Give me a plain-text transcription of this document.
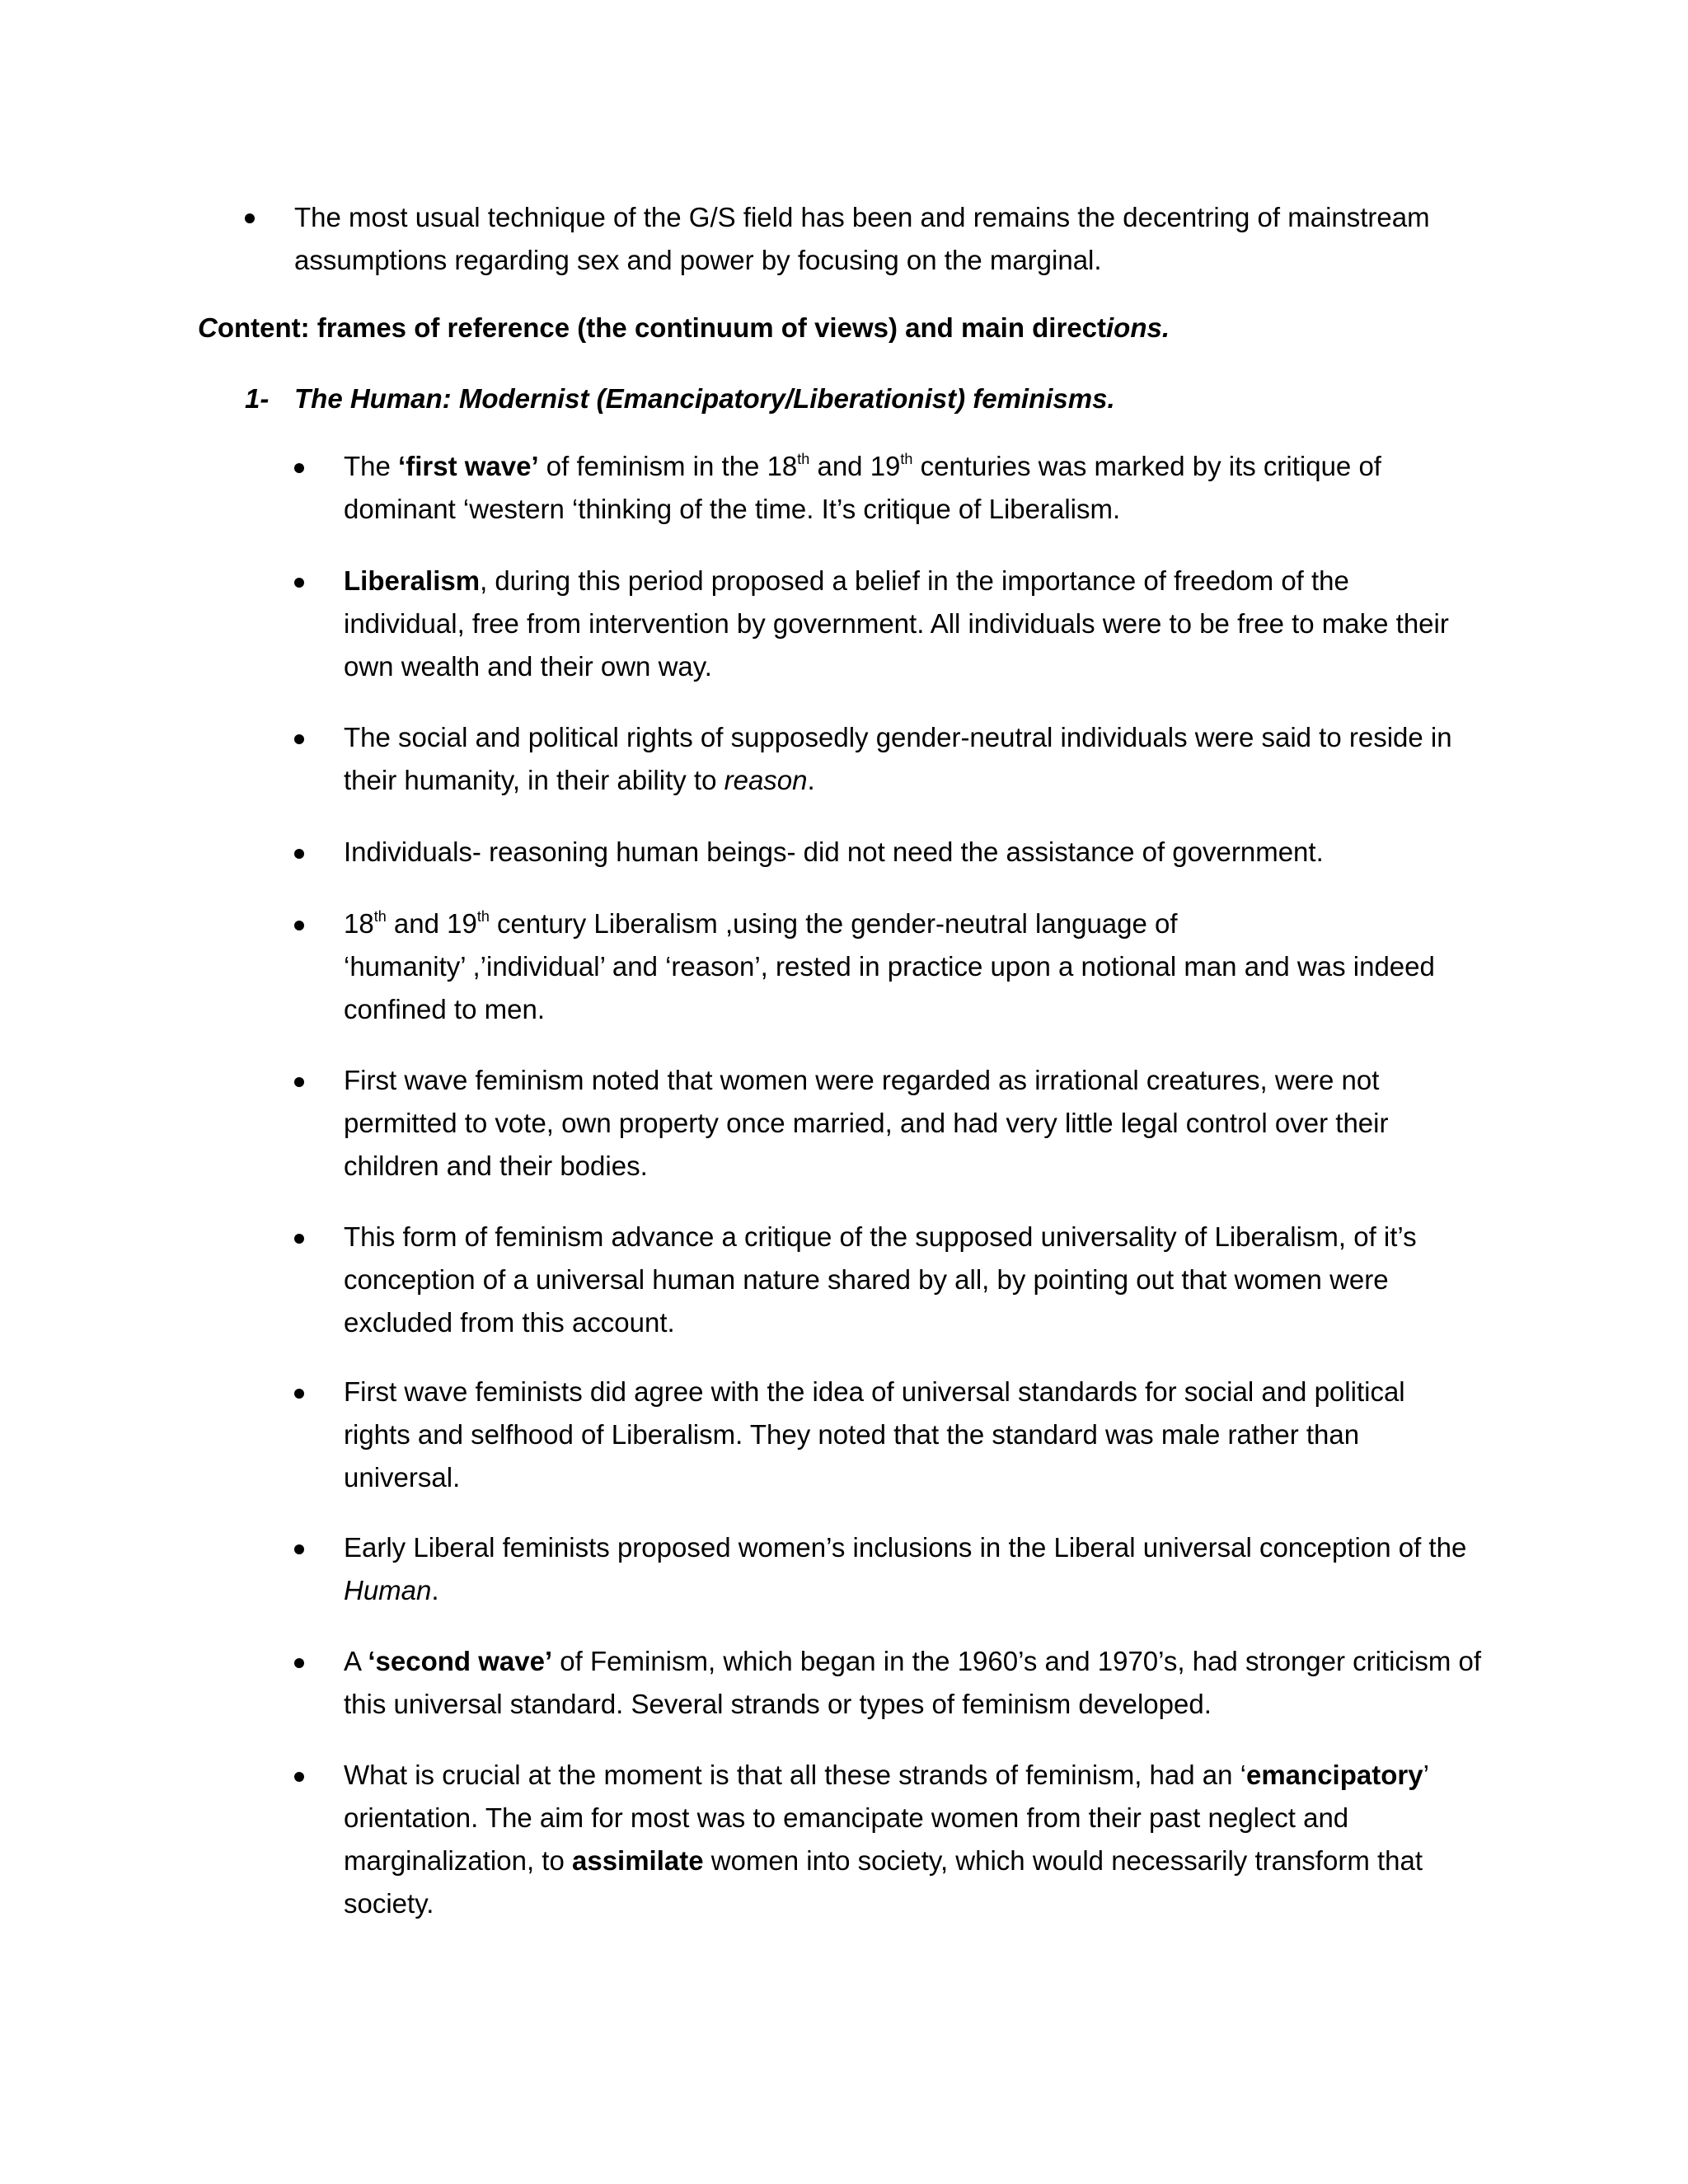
The most usual technique of the G/S field has been and remains the decentring of mainstream assumptions regarding sex and power by focusing on the marginal.
Content: frames of reference (the continuum of views) and main directions.
1- The Human: Modernist (Emancipatory/Liberationist) feminisms.
The ‘first wave’ of feminism in the 18th and 19th centuries was marked by its critique of dominant ‘western ‘thinking of the time. It’s critique of Liberalism.
Liberalism, during this period proposed a belief in the importance of freedom of the individual, free from intervention by government. All individuals were to be free to make their own wealth and their own way.
The social and political rights of supposedly gender-neutral individuals were said to reside in their humanity, in their ability to reason.
Individuals- reasoning human beings- did not need the assistance of government.
18th and 19th century Liberalism ,using the gender-neutral language of
‘humanity’ ,’individual’ and ‘reason’, rested in practice upon a notional man and was indeed confined to men.
First wave feminism noted that women were regarded as irrational creatures, were not permitted to vote, own property once married, and had very little legal control over their children and their bodies.
This form of feminism advance a critique of the supposed universality of Liberalism, of it’s conception of a universal human nature shared by all, by pointing out that women were excluded from this account.
First wave feminists did agree with the idea of universal standards for social and political rights and selfhood of Liberalism. They noted that the standard was male rather than universal.
Early Liberal feminists proposed women’s inclusions in the Liberal universal conception of the Human.
A ‘second wave’ of Feminism, which began in the 1960’s and 1970’s, had stronger criticism of this universal standard. Several strands or types of feminism developed.
What is crucial at the moment is that all these strands of feminism, had an ‘emancipatory’ orientation. The aim for most was to emancipate women from their past neglect and marginalization, to assimilate women into society, which would necessarily transform that society.
